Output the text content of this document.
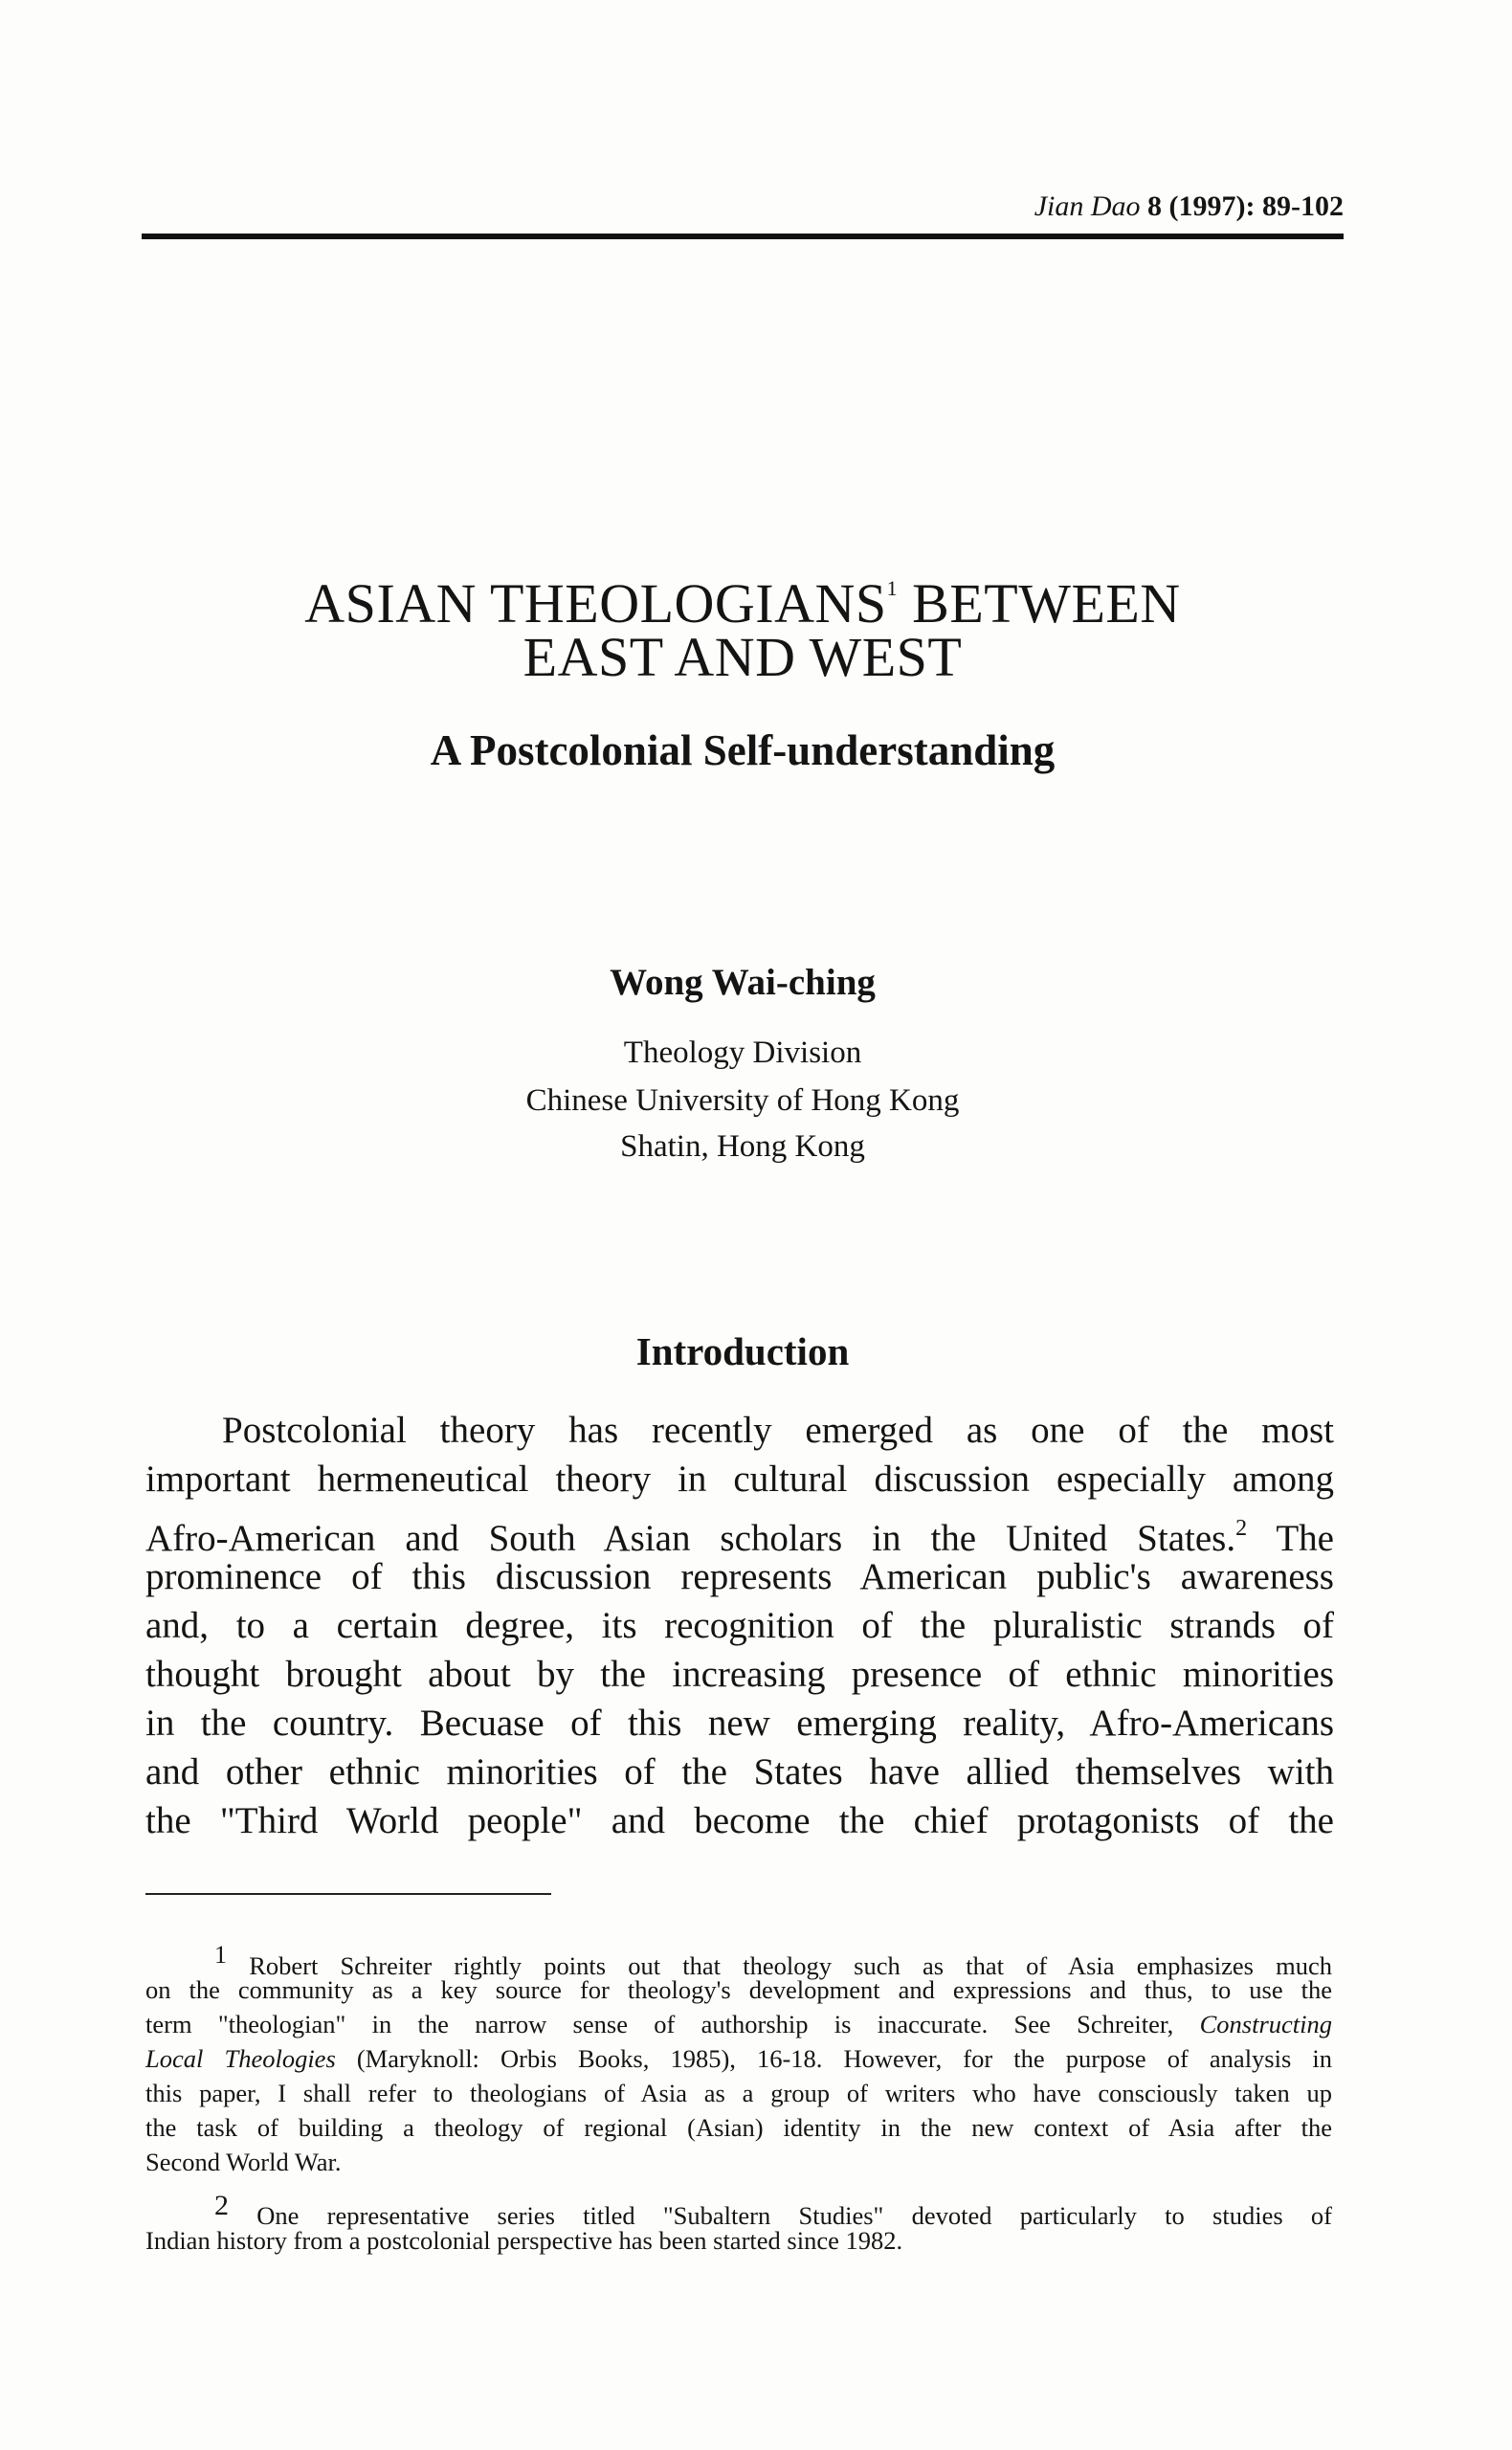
Jian Dao 8 (1997): 89-102
ASIAN THEOLOGIANS$^1$ BETWEEN
EAST AND WEST
A Postcolonial Self-understanding
Wong Wai-ching
Theology Division
Chinese University of Hong Kong
Shatin, Hong Kong
Introduction
Postcolonial theory has recently emerged as one of the most
important hermeneutical theory in cultural discussion especially among
Afro-American and South Asian scholars in the United States.$^2$ The
prominence of this discussion represents American public's awareness
and, to a certain degree, its recognition of the pluralistic strands of
thought brought about by the increasing presence of ethnic minorities
in the country. Becuase of this new emerging reality, Afro-Americans
and other ethnic minorities of the States have allied themselves with
the "Third World people" and become the chief protagonists of the
1 Robert Schreiter rightly points out that theology such as that of Asia emphasizes much
on the community as a key source for theology's development and expressions and thus, to use the
term "theologian" in the narrow sense of authorship is inaccurate. See Schreiter, Constructing
Local Theologies (Maryknoll: Orbis Books, 1985), 16-18. However, for the purpose of analysis in
this paper, I shall refer to theologians of Asia as a group of writers who have consciously taken up
the task of building a theology of regional (Asian) identity in the new context of Asia after the
Second World War.
2 One representative series titled "Subaltern Studies" devoted particularly to studies of
Indian history from a postcolonial perspective has been started since 1982.
